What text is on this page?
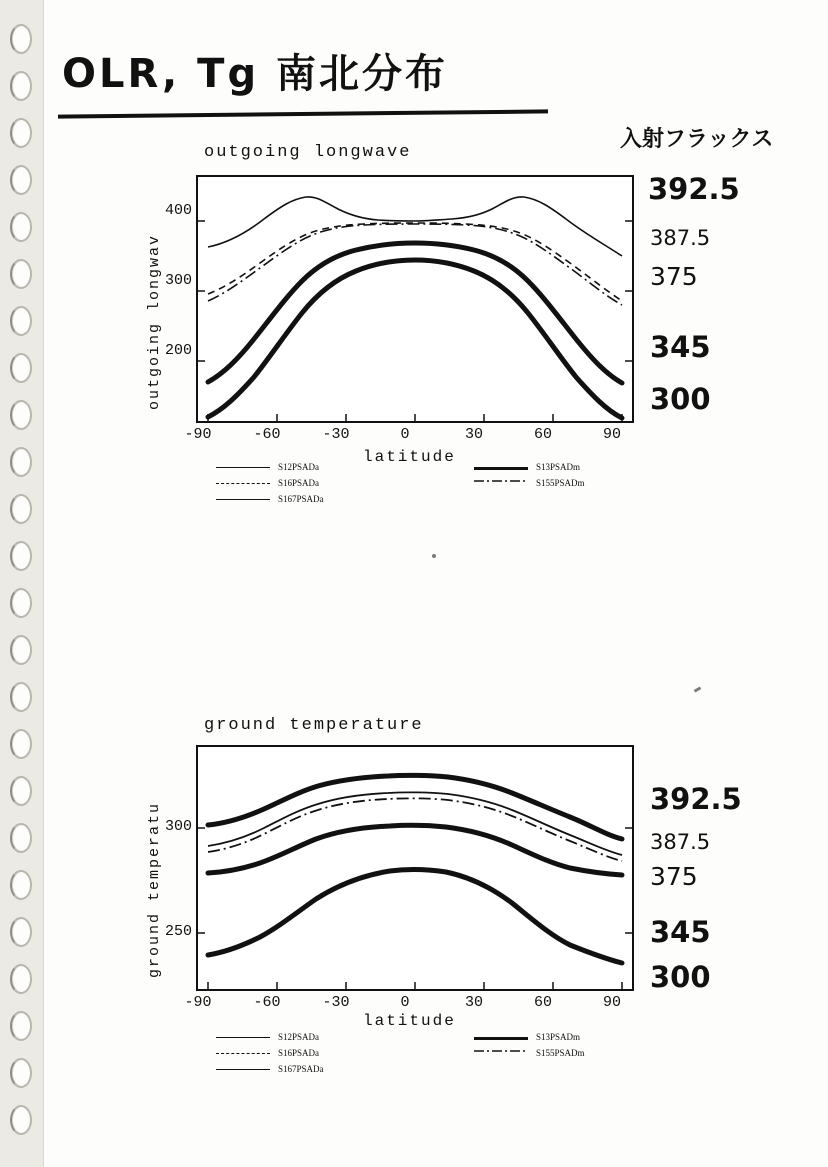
OLR, Tg 南北分布
入射フラックス
outgoing longwave
outgoing longwav
latitude
400
300
200
-90	-60	-30	0	30	60	90
S12PSADa
S16PSADa
S167PSADa
S13PSADm
S155PSADm
392.5
387.5
375
345
300
ground temperature
ground temperatu
latitude
300
250
-90	-60	-30	0	30	60	90
S12PSADa
S16PSADa
S167PSADa
S13PSADm
S155PSADm
392.5
387.5
375
345
300
